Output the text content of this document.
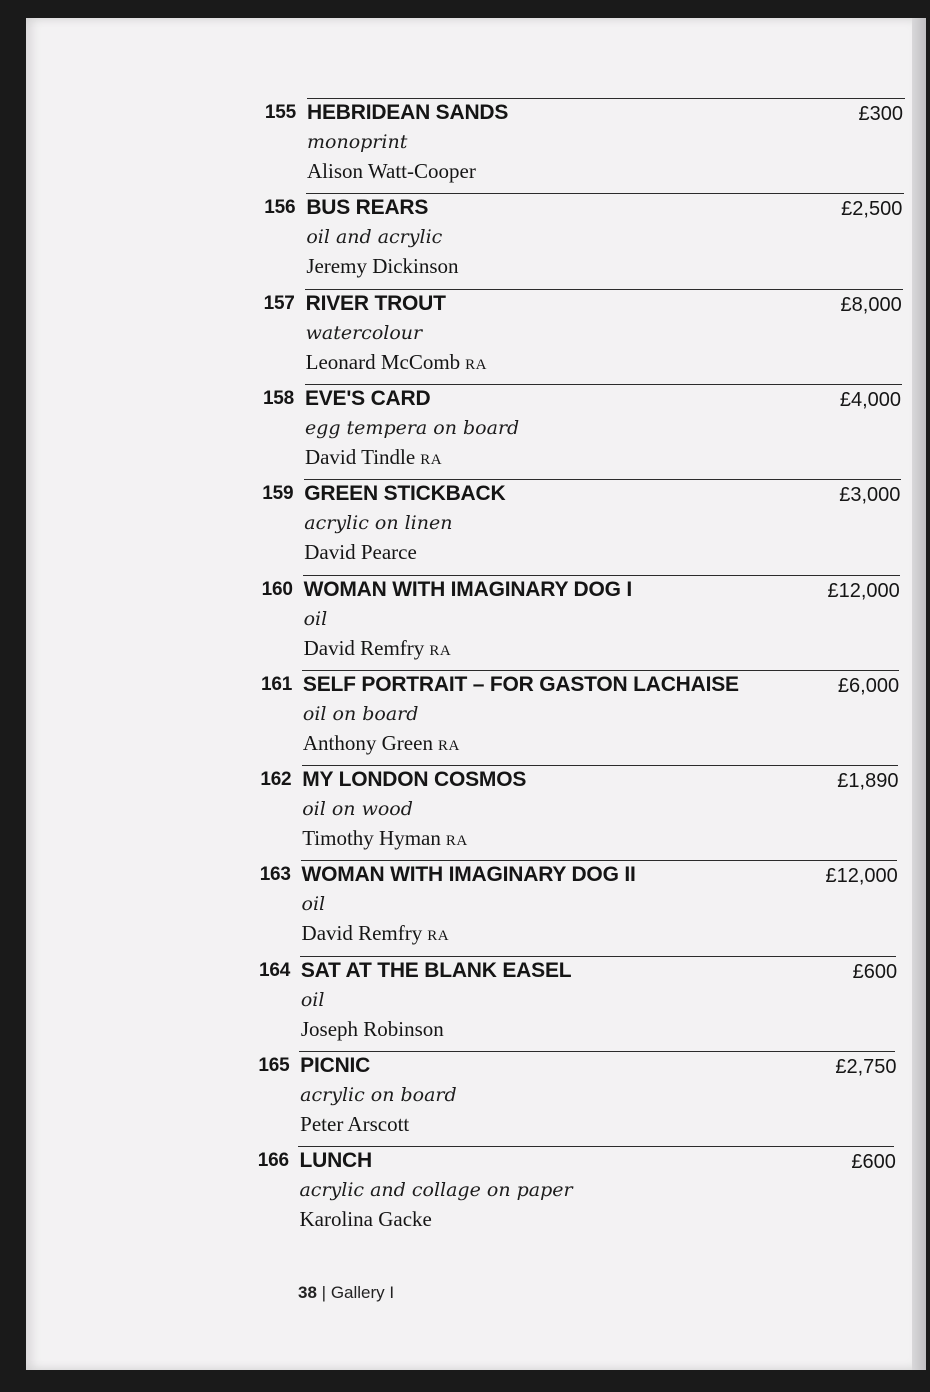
155 HEBRIDEAN SANDS
monoprint
Alison Watt-Cooper
£300
156 BUS REARS
oil and acrylic
Jeremy Dickinson
£2,500
157 RIVER TROUT
watercolour
Leonard McComb RA
£8,000
158 EVE'S CARD
egg tempera on board
David Tindle RA
£4,000
159 GREEN STICKBACK
acrylic on linen
David Pearce
£3,000
160 WOMAN WITH IMAGINARY DOG I
oil
David Remfry RA
£12,000
161 SELF PORTRAIT – FOR GASTON LACHAISE
oil on board
Anthony Green RA
£6,000
162 MY LONDON COSMOS
oil on wood
Timothy Hyman RA
£1,890
163 WOMAN WITH IMAGINARY DOG II
oil
David Remfry RA
£12,000
164 SAT AT THE BLANK EASEL
oil
Joseph Robinson
£600
165 PICNIC
acrylic on board
Peter Arscott
£2,750
166 LUNCH
acrylic and collage on paper
Karolina Gacke
£600
38 | Gallery I
